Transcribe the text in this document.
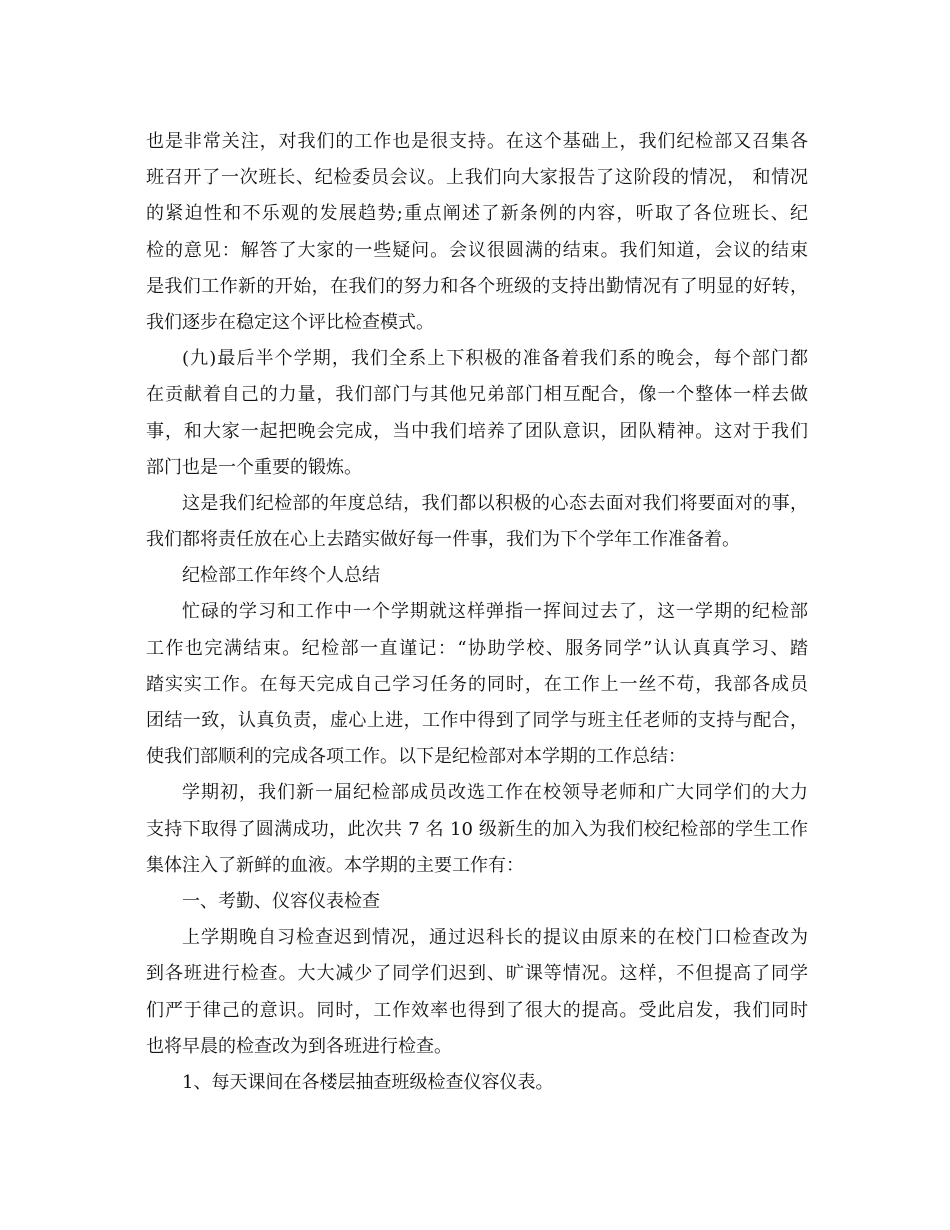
也是非常关注，对我们的工作也是很支持。在这个基础上，我们纪检部又召集各
班召开了一次班长、纪检委员会议。上我们向大家报告了这阶段的情况， 和情况
的紧迫性和不乐观的发展趋势;重点阐述了新条例的内容，听取了各位班长、纪
检的意见：解答了大家的一些疑问。会议很圆满的结束。我们知道，会议的结束
是我们工作新的开始，在我们的努力和各个班级的支持出勤情况有了明显的好转，
我们逐步在稳定这个评比检查模式。
(九)最后半个学期，我们全系上下积极的准备着我们系的晚会，每个部门都
在贡献着自己的力量，我们部门与其他兄弟部门相互配合，像一个整体一样去做
事，和大家一起把晚会完成，当中我们培养了团队意识，团队精神。这对于我们
部门也是一个重要的锻炼。
这是我们纪检部的年度总结，我们都以积极的心态去面对我们将要面对的事，
我们都将责任放在心上去踏实做好每一件事，我们为下个学年工作准备着。
纪检部工作年终个人总结
忙碌的学习和工作中一个学期就这样弹指一挥间过去了，这一学期的纪检部
工作也完满结束。纪检部一直谨记：“协助学校、服务同学”认认真真学习、踏
踏实实工作。在每天完成自己学习任务的同时，在工作上一丝不苟，我部各成员
团结一致，认真负责，虚心上进，工作中得到了同学与班主任老师的支持与配合，
使我们部顺利的完成各项工作。以下是纪检部对本学期的工作总结：
学期初，我们新一届纪检部成员改选工作在校领导老师和广大同学们的大力
支持下取得了圆满成功，此次共 7 名 10 级新生的加入为我们校纪检部的学生工作
集体注入了新鲜的血液。本学期的主要工作有：
一、考勤、仪容仪表检查
上学期晚自习检查迟到情况，通过迟科长的提议由原来的在校门口检查改为
到各班进行检查。大大减少了同学们迟到、旷课等情况。这样，不但提高了同学
们严于律己的意识。同时，工作效率也得到了很大的提高。受此启发，我们同时
也将早晨的检查改为到各班进行检查。
1、每天课间在各楼层抽查班级检查仪容仪表。
